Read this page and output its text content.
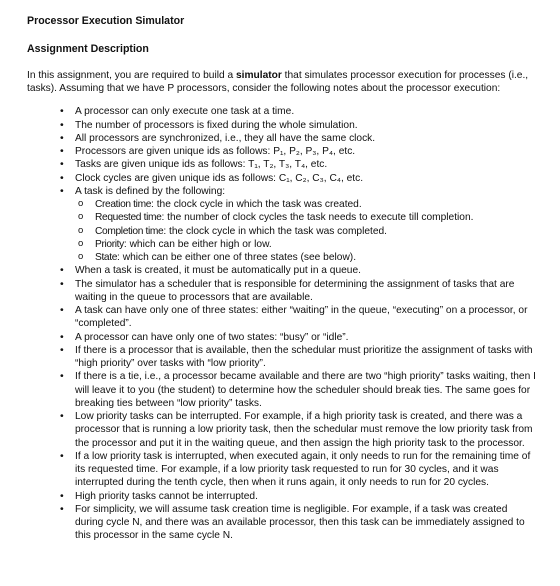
Processor Execution Simulator
Assignment Description

In this assignment, you are required to build a simulator that simulates processor execution for processes (i.e., tasks). Assuming that we have P processors, consider the following notes about the processor execution:

• A processor can only execute one task at a time.
• The number of processors is fixed during the whole simulation.
• All processors are synchronized, i.e., they all have the same clock.
• Processors are given unique ids as follows: P₁, P₂, P₃, P₄, etc.
• Tasks are given unique ids as follows: T₁, T₂, T₃, T₄, etc.
• Clock cycles are given unique ids as follows: C₁, C₂, C₃, C₄, etc.
• A task is defined by the following:
o Creation time: the clock cycle in which the task was created.
o Requested time: the number of clock cycles the task needs to execute till completion.
o Completion time: the clock cycle in which the task was completed.
o Priority: which can be either high or low.
o State: which can be either one of three states (see below).
• When a task is created, it must be automatically put in a queue.
• The simulator has a scheduler that is responsible for determining the assignment of tasks that are waiting in the queue to processors that are available.
• A task can have only one of three states: either “waiting” in the queue, “executing” on a processor, or “completed”.
• A processor can have only one of two states: “busy” or “idle”.
• If there is a processor that is available, then the schedular must prioritize the assignment of tasks with “high priority” over tasks with “low priority”.
• If there is a tie, i.e., a processor became available and there are two “high priority” tasks waiting, then I will leave it to you (the student) to determine how the scheduler should break ties. The same goes for breaking ties between “low priority” tasks.
• Low priority tasks can be interrupted. For example, if a high priority task is created, and there was a processor that is running a low priority task, then the schedular must remove the low priority task from the processor and put it in the waiting queue, and then assign the high priority task to the processor.
• If a low priority task is interrupted, when executed again, it only needs to run for the remaining time of its requested time. For example, if a low priority task requested to run for 30 cycles, and it was interrupted during the tenth cycle, then when it runs again, it only needs to run for 20 cycles.
• High priority tasks cannot be interrupted.
• For simplicity, we will assume task creation time is negligible. For example, if a task was created during cycle N, and there was an available processor, then this task can be immediately assigned to this processor in the same cycle N.
